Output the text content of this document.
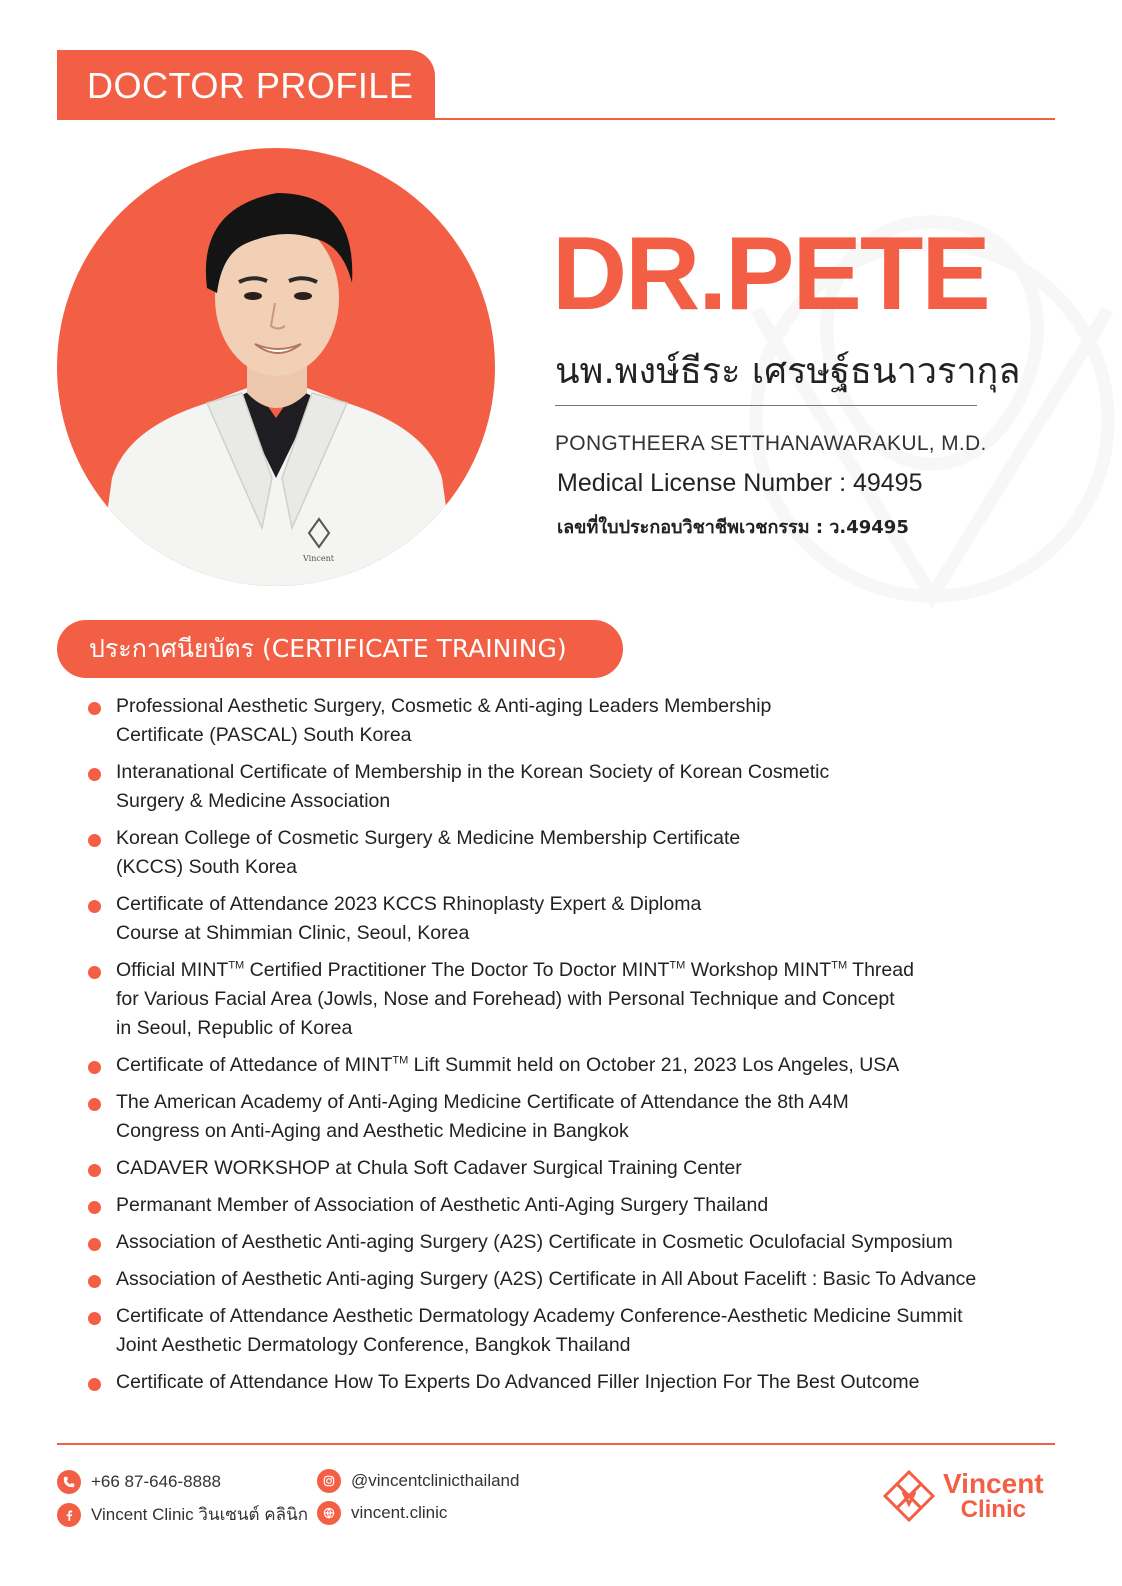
DOCTOR PROFILE
Vincent
DR.PETE
นพ.พงษ์ธีระ เศรษฐ์ธนาวรากุล
PONGTHEERA SETTHANAWARAKUL, M.D.
Medical License Number : 49495
เลขที่ใบประกอบวิชาชีพเวชกรรม : ว.49495
ประกาศนียบัตร (CERTIFICATE TRAINING)
Professional Aesthetic Surgery, Cosmetic & Anti-aging Leaders Membership
Certificate (PASCAL) South Korea
Interanational Certificate of Membership in the Korean Society of Korean Cosmetic
Surgery & Medicine Association
Korean College of Cosmetic Surgery & Medicine Membership Certificate
(KCCS) South Korea
Certificate of Attendance 2023 KCCS Rhinoplasty Expert & Diploma
Course at Shimmian Clinic, Seoul, Korea
Official MINT™ Certified Practitioner The Doctor To Doctor MINT™ Workshop MINT™ Thread
for Various Facial Area (Jowls, Nose and Forehead) with Personal Technique and Concept
in Seoul, Republic of Korea
Certificate of Attedance of MINT™ Lift Summit held on October 21, 2023 Los Angeles, USA
The American Academy of Anti-Aging Medicine Certificate of Attendance the 8th A4M
Congress on Anti-Aging and Aesthetic Medicine in Bangkok
CADAVER WORKSHOP at Chula Soft Cadaver Surgical Training Center
Permanant Member of Association of Aesthetic Anti-Aging Surgery Thailand
Association of Aesthetic Anti-aging Surgery (A2S) Certificate in Cosmetic Oculofacial Symposium
Association of Aesthetic Anti-aging Surgery (A2S) Certificate in All About Facelift : Basic To Advance
Certificate of Attendance Aesthetic Dermatology Academy Conference-Aesthetic Medicine Summit
Joint Aesthetic Dermatology Conference, Bangkok Thailand
Certificate of Attendance How To Experts Do Advanced Filler Injection For The Best Outcome
+66 87-646-8888
Vincent Clinic วินเซนต์ คลินิก
@vincentclinicthailand
vincent.clinic
Vincent
Clinic
